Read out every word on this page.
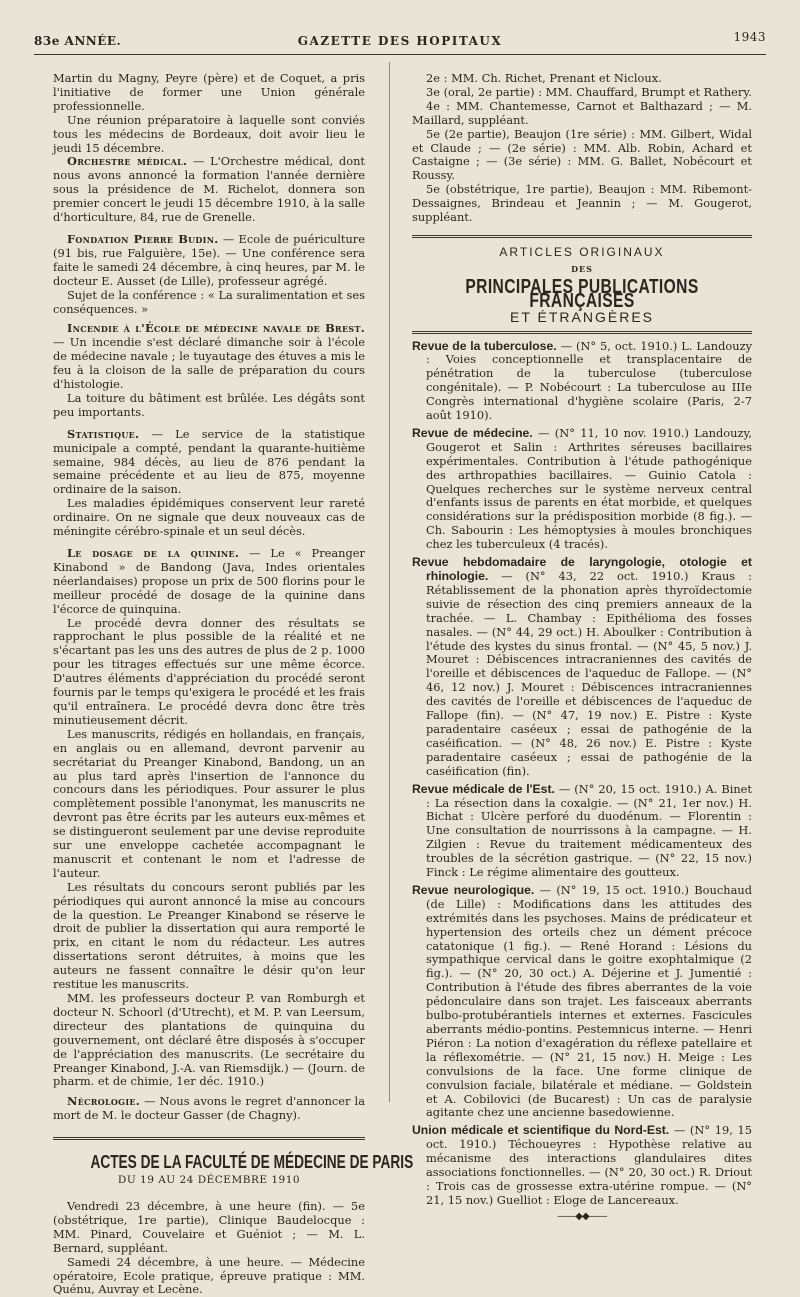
83e ANNÉE.	GAZETTE DES HOPITAUX	1943

Martin du Magny, Peyre (père) et de Coquet, a pris l'initiative de former une Union générale professionnelle.

Une réunion préparatoire à laquelle sont conviés tous les médecins de Bordeaux, doit avoir lieu le jeudi 15 décembre.

Orchestre médical. — L'Orchestre médical, dont nous avons annoncé la formation l'année dernière sous la présidence de M. Richelot, donnera son premier concert le jeudi 15 décembre 1910, à la salle d'horticulture, 84, rue de Grenelle.

Fondation Pierre Budin. — Ecole de puériculture (91 bis, rue Falguière, 15e). — Une conférence sera faite le samedi 24 décembre, à cinq heures, par M. le docteur E. Ausset (de Lille), professeur agrégé.

Sujet de la conférence : « La suralimentation et ses conséquences. »

Incendie à l'École de médecine navale de Brest. — Un incendie s'est déclaré dimanche soir à l'école de médecine navale ; le tuyautage des étuves a mis le feu à la cloison de la salle de préparation du cours d'histologie.

La toiture du bâtiment est brûlée. Les dégâts sont peu importants.

Statistique. — Le service de la statistique municipale a compté, pendant la quarante-huitième semaine, 984 décès, au lieu de 876 pendant la semaine précédente et au lieu de 875, moyenne ordinaire de la saison.

Les maladies épidémiques conservent leur rareté ordinaire. On ne signale que deux nouveaux cas de méningite cérébro-spinale et un seul décès.

Le dosage de la quinine. — Le « Preanger Kinabond » de Bandong (Java, Indes orientales néerlandaises) propose un prix de 500 florins pour le meilleur procédé de dosage de la quinine dans l'écorce de quinquina.

Le procédé devra donner des résultats se rapprochant le plus possible de la réalité et ne s'écartant pas les uns des autres de plus de 2 p. 1000 pour les titrages effectués sur une même écorce. D'autres éléments d'appréciation du procédé seront fournis par le temps qu'exigera le procédé et les frais qu'il entraînera. Le procédé devra donc être très minutieusement décrit.

Les manuscrits, rédigés en hollandais, en français, en anglais ou en allemand, devront parvenir au secrétariat du Preanger Kinabond, Bandong, un an au plus tard après l'insertion de l'annonce du concours dans les périodiques. Pour assurer le plus complètement possible l'anonymat, les manuscrits ne devront pas être écrits par les auteurs eux-mêmes et se distingueront seulement par une devise reproduite sur une enveloppe cachetée accompagnant le manuscrit et contenant le nom et l'adresse de l'auteur.

Les résultats du concours seront publiés par les périodiques qui auront annoncé la mise au concours de la question. Le Preanger Kinabond se réserve le droit de publier la dissertation qui aura remporté le prix, en citant le nom du rédacteur. Les autres dissertations seront détruites, à moins que les auteurs ne fassent connaître le désir qu'on leur restitue les manuscrits.

MM. les professeurs docteur P. van Romburgh et docteur N. Schoorl (d'Utrecht), et M. P. van Leersum, directeur des plantations de quinquina du gouvernement, ont déclaré être disposés à s'occuper de l'appréciation des manuscrits. (Le secrétaire du Preanger Kinabond, J.-A. van Riemsdijk.) — (Journ. de pharm. et de chimie, 1er déc. 1910.)

Nécrologie. — Nous avons le regret d'annoncer la mort de M. le docteur Gasser (de Chagny).

ACTES DE LA FACULTÉ DE MÉDECINE DE PARIS
DU 19 AU 24 DÉCEMBRE 1910

Vendredi 23 décembre, à une heure (fin). — 5e (obstétrique, 1re partie), Clinique Baudelocque : MM. Pinard, Couvelaire et Guéniot ; — M. L. Bernard, suppléant.

Samedi 24 décembre, à une heure. — Médecine opératoire, Ecole pratique, épreuve pratique : MM. Quénu, Auvray et Lecène.

2e : MM. Ch. Richet, Prenant et Nicloux.

3e (oral, 2e partie) : MM. Chauffard, Brumpt et Rathery.

4e : MM. Chantemesse, Carnot et Balthazard ; — M. Maillard, suppléant.

5e (2e partie), Beaujon (1re série) : MM. Gilbert, Widal et Claude ; — (2e série) : MM. Alb. Robin, Achard et Castaigne ; — (3e série) : MM. G. Ballet, Nobécourt et Roussy.

5e (obstétrique, 1re partie), Beaujon : MM. Ribemont-Dessaignes, Brindeau et Jeannin ; — M. Gougerot, suppléant.

ARTICLES ORIGINAUX
DES
PRINCIPALES PUBLICATIONS FRANÇAISES
ET ÉTRANGÈRES

Revue de la tuberculose. — (N° 5, oct. 1910.) L. Landouzy : Voies conceptionnelle et transplacentaire de pénétration de la tuberculose (tuberculose congénitale). — P. Nobécourt : La tuberculose au IIIe Congrès international d'hygiène scolaire (Paris, 2-7 août 1910).

Revue de médecine. — (N° 11, 10 nov. 1910.) Landouzy, Gougerot et Salin : Arthrites séreuses bacillaires expérimentales. Contribution à l'étude pathogénique des arthropathies bacillaires. — Guinio Catola : Quelques recherches sur le système nerveux central d'enfants issus de parents en état morbide, et quelques considérations sur la prédisposition morbide (8 fig.). — Ch. Sabourin : Les hémoptysies à moules bronchiques chez les tuberculeux (4 tracés).

Revue hebdomadaire de laryngologie, otologie et rhinologie. — (N° 43, 22 oct. 1910.) Kraus : Rétablissement de la phonation après thyroïdectomie suivie de résection des cinq premiers anneaux de la trachée. — L. Chambay : Epithélioma des fosses nasales. — (N° 44, 29 oct.) H. Aboulker : Contribution à l'étude des kystes du sinus frontal. — (N° 45, 5 nov.) J. Mouret : Débiscences intracraniennes des cavités de l'oreille et débiscences de l'aqueduc de Fallope. — (N° 46, 12 nov.) J. Mouret : Débiscences intracraniennes des cavités de l'oreille et débiscences de l'aqueduc de Fallope (fin). — (N° 47, 19 nov.) E. Pistre : Kyste paradentaire caséeux ; essai de pathogénie de la caséification. — (N° 48, 26 nov.) E. Pistre : Kyste paradentaire caséeux ; essai de pathogénie de la caséification (fin).

Revue médicale de l'Est. — (N° 20, 15 oct. 1910.) A. Binet : La résection dans la coxalgie. — (N° 21, 1er nov.) H. Bichat : Ulcère perforé du duodénum. — Florentin : Une consultation de nourrissons à la campagne. — H. Zilgien : Revue du traitement médicamenteux des troubles de la sécrétion gastrique. — (N° 22, 15 nov.) Finck : Le régime alimentaire des goutteux.

Revue neurologique. — (N° 19, 15 oct. 1910.) Bouchaud (de Lille) : Modifications dans les attitudes des extrémités dans les psychoses. Mains de prédicateur et hypertension des orteils chez un dément précoce catatonique (1 fig.). — René Horand : Lésions du sympathique cervical dans le goitre exophtalmique (2 fig.). — (N° 20, 30 oct.) A. Déjerine et J. Jumentié : Contribution à l'étude des fibres aberrantes de la voie pédonculaire dans son trajet. Les faisceaux aberrants bulbo-protubérantiels internes et externes. Fascicules aberrants médio-pontins. Pestemnicus interne. — Henri Piéron : La notion d'exagération du réflexe patellaire et la réflexométrie. — (N° 21, 15 nov.) H. Meige : Les convulsions de la face. Une forme clinique de convulsion faciale, bilatérale et médiane. — Goldstein et A. Cobilovici (de Bucarest) : Un cas de paralysie agitante chez une ancienne basedowienne.

Union médicale et scientifique du Nord-Est. — (N° 19, 15 oct. 1910.) Téchoueyres : Hypothèse relative au mécanisme des interactions glandulaires dites associations fonctionnelles. — (N° 20, 30 oct.) R. Driout : Trois cas de grossesse extra-utérine rompue. — (N° 21, 15 nov.) Guelliot : Eloge de Lancereaux.

——◆◆——
